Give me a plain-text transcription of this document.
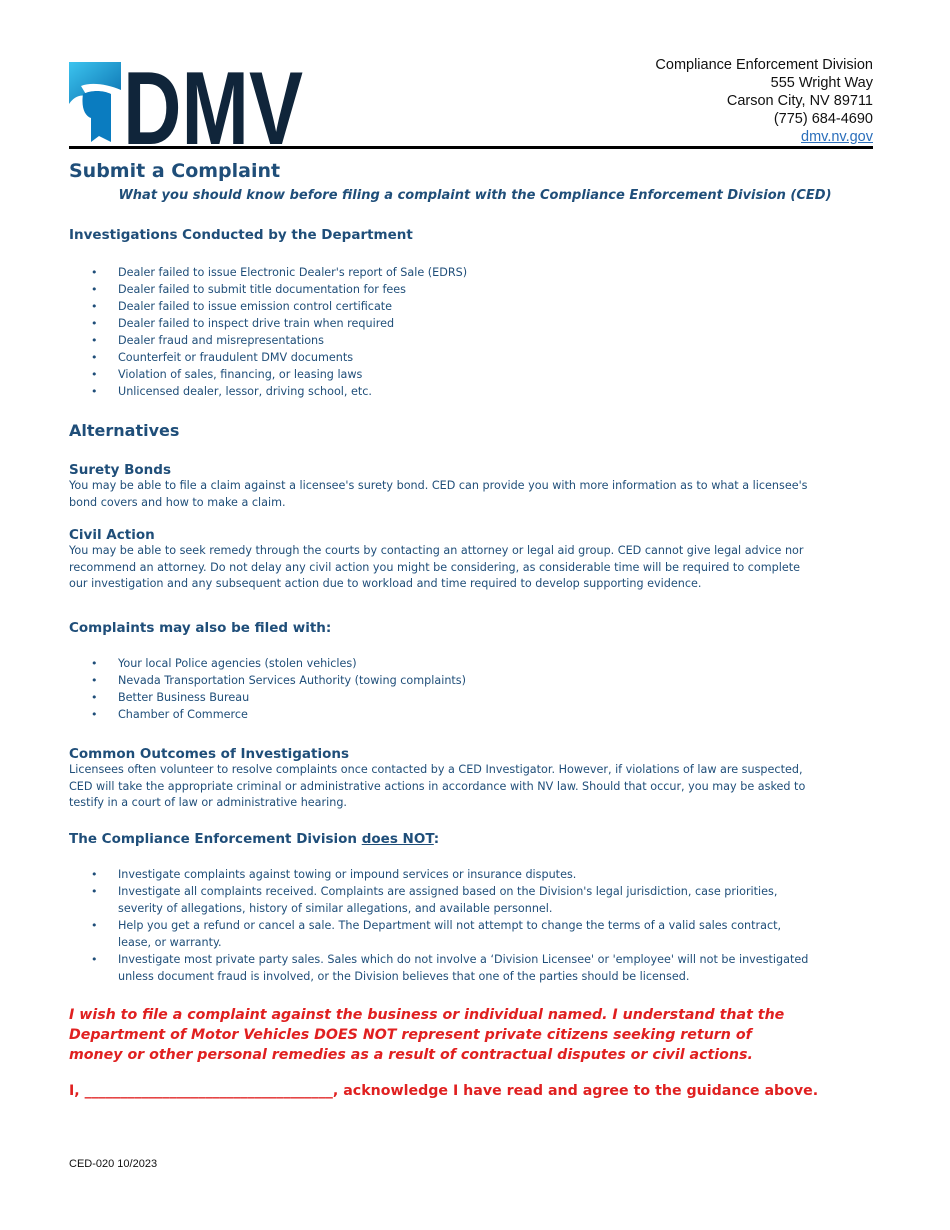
DMV	Compliance Enforcement Division
555 Wright Way
Carson City, NV 89711
(775) 684-4690
dmv.nv.gov
Submit a Complaint

What you should know before filing a complaint with the Compliance Enforcement Division (CED)

Investigations Conducted by the Department

• Dealer failed to issue Electronic Dealer's report of Sale (EDRS)
• Dealer failed to submit title documentation for fees
• Dealer failed to issue emission control certificate
• Dealer failed to inspect drive train when required
• Dealer fraud and misrepresentations
• Counterfeit or fraudulent DMV documents
• Violation of sales, financing, or leasing laws
• Unlicensed dealer, lessor, driving school, etc.

Alternatives

Surety Bonds

You may be able to file a claim against a licensee's surety bond. CED can provide you with more information as to what a licensee's bond covers and how to make a claim.

Civil Action

You may be able to seek remedy through the courts by contacting an attorney or legal aid group. CED cannot give legal advice nor recommend an attorney. Do not delay any civil action you might be considering, as considerable time will be required to complete our investigation and any subsequent action due to workload and time required to develop supporting evidence.

Complaints may also be filed with:

• Your local Police agencies (stolen vehicles)
• Nevada Transportation Services Authority (towing complaints)
• Better Business Bureau
• Chamber of Commerce

Common Outcomes of Investigations

Licensees often volunteer to resolve complaints once contacted by a CED Investigator. However, if violations of law are suspected, CED will take the appropriate criminal or administrative actions in accordance with NV law. Should that occur, you may be asked to testify in a court of law or administrative hearing.

The Compliance Enforcement Division does NOT:

• Investigate complaints against towing or impound services or insurance disputes.
• Investigate all complaints received. Complaints are assigned based on the Division's legal jurisdiction, case priorities, severity of allegations, history of similar allegations, and available personnel.
• Help you get a refund or cancel a sale. The Department will not attempt to change the terms of a valid sales contract, lease, or warranty.
• Investigate most private party sales. Sales which do not involve a ‘Division Licensee' or 'employee' will not be investigated unless document fraud is involved, or the Division believes that one of the parties should be licensed.

I wish to file a complaint against the business or individual named. I understand that the Department of Motor Vehicles DOES NOT represent private citizens seeking return of money or other personal remedies as a result of contractual disputes or civil actions.

I, ___________________________________, acknowledge I have read and agree to the guidance above.

CED-020 10/2023
